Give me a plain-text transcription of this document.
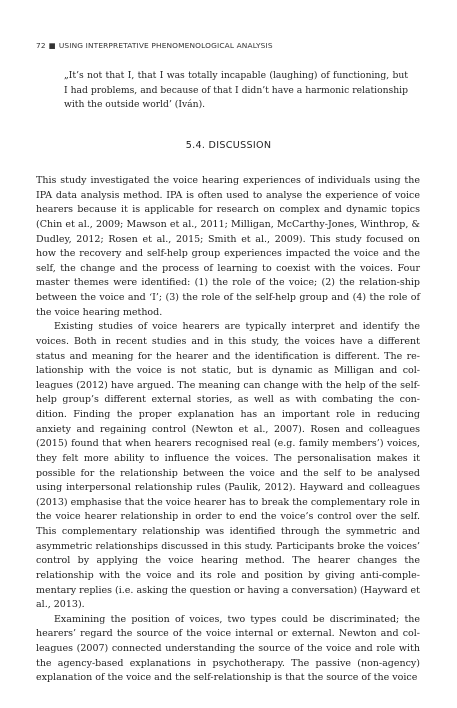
72 ■ USING INTERPRETATIVE PHENOMENOLOGICAL ANALYSIS
„It’s not that I, that I was totally incapable (laughing) of functioning, but I had problems, and because of that I didn’t have a harmonic relationship with the outside world’ (Iván).
5.4. DISCUSSION

This study investigated the voice hearing experiences of individuals using the IPA data analysis method. IPA is often used to analyse the experience of voice hearers because it is applicable for research on complex and dynamic topics (Chin et al., 2009; Mawson et al., 2011; Milligan, McCarthy-Jones, Winthrop, & Dudley, 2012; Rosen et al., 2015; Smith et al., 2009). This study focused on how the recovery and self-help group experiences impacted the voice and the self, the change and the process of learning to coexist with the voices. Four master themes were identified: (1) the role of the voice; (2) the relation-ship between the voice and ‘I’; (3) the role of the self-help group and (4) the role of the voice hearing method.

Existing studies of voice hearers are typically interpret and identify the voices. Both in recent studies and in this study, the voices have a different status and meaning for the hearer and the identification is different. The re-lationship with the voice is not static, but is dynamic as Milligan and col-leagues (2012) have argued. The meaning can change with the help of the self-help group’s different external stories, as well as with combating the con-dition. Finding the proper explanation has an important role in reducing anxiety and regaining control (Newton et al., 2007). Rosen and colleagues (2015) found that when hearers recognised real (e.g. family members’) voices, they felt more ability to influence the voices. The personalisation makes it possible for the relationship between the voice and the self to be analysed using interpersonal relationship rules (Paulik, 2012). Hayward and colleagues (2013) emphasise that the voice hearer has to break the complementary role in the voice hearer relationship in order to end the voice’s control over the self. This complementary relationship was identified through the symmetric and asymmetric relationships discussed in this study. Participants broke the voices’ control by applying the voice hearing method. The hearer changes the relationship with the voice and its role and position by giving anti-comple-mentary replies (i.e. asking the question or having a conversation) (Hayward et al., 2013).

Examining the position of voices, two types could be discriminated; the hearers’ regard the source of the voice internal or external. Newton and col-leagues (2007) connected understanding the source of the voice and role with the agency-based explanations in psychotherapy. The passive (non-agency) explanation of the voice and the self-relationship is that the source of the voice
